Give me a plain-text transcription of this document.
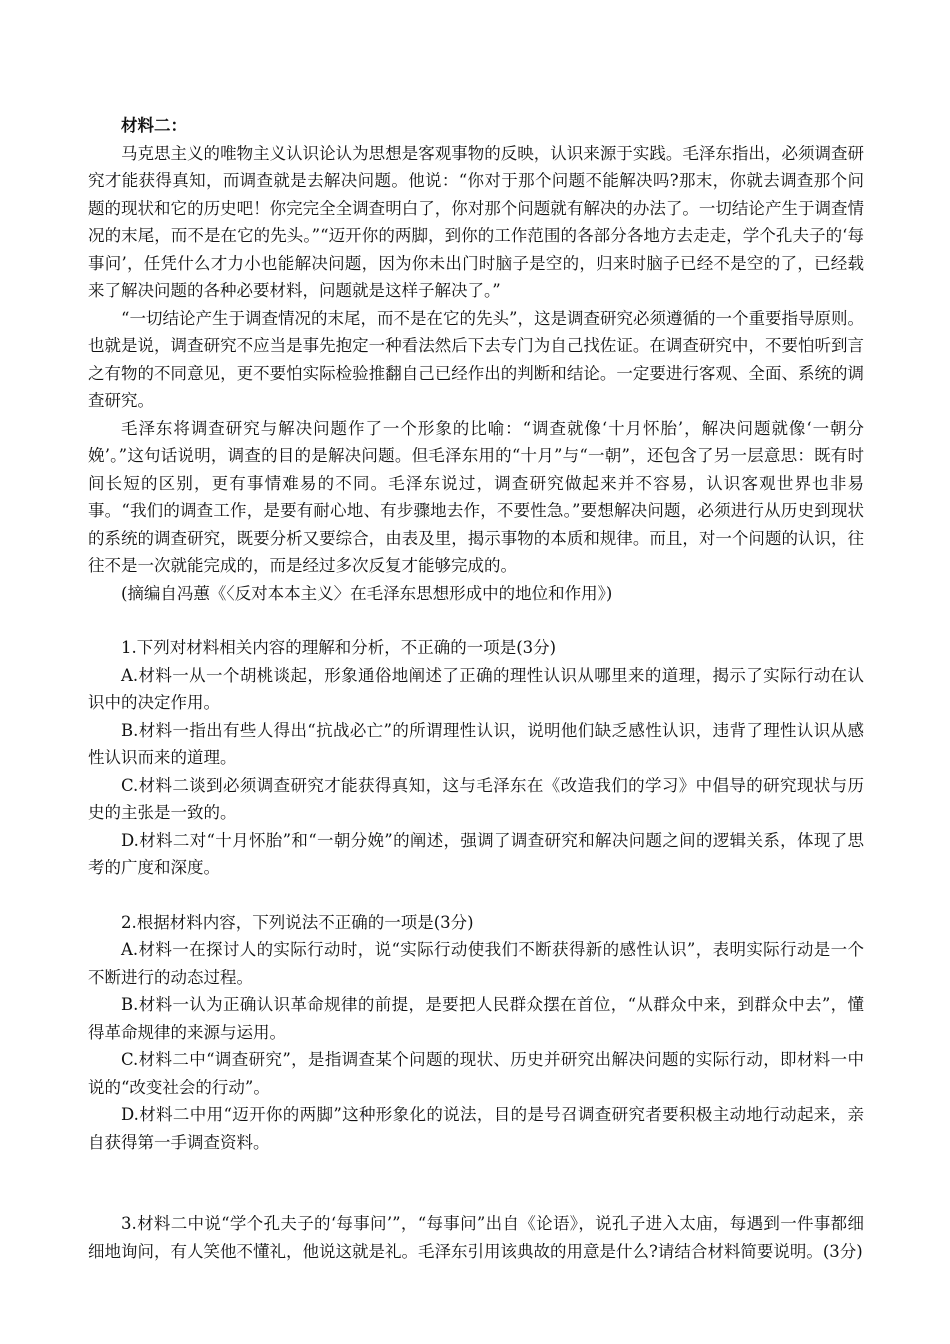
材料二：

马克思主义的唯物主义认识论认为思想是客观事物的反映，认识来源于实践。毛泽东指出，必须调查研究才能获得真知，而调查就是去解决问题。他说：“你对于那个问题不能解决吗?那末，你就去调查那个问题的现状和它的历史吧！你完完全全调查明白了，你对那个问题就有解决的办法了。一切结论产生于调查情况的末尾，而不是在它的先头。”“迈开你的两脚，到你的工作范围的各部分各地方去走走，学个孔夫子的‘每事问’，任凭什么才力小也能解决问题，因为你未出门时脑子是空的，归来时脑子已经不是空的了，已经载来了解决问题的各种必要材料，问题就是这样子解决了。”

“一切结论产生于调查情况的末尾，而不是在它的先头”，这是调查研究必须遵循的一个重要指导原则。也就是说，调查研究不应当是事先抱定一种看法然后下去专门为自己找佐证。在调查研究中，不要怕听到言之有物的不同意见，更不要怕实际检验推翻自己已经作出的判断和结论。一定要进行客观、全面、系统的调查研究。

毛泽东将调查研究与解决问题作了一个形象的比喻：“调查就像‘十月怀胎’，解决问题就像‘一朝分娩’。”这句话说明，调查的目的是解决问题。但毛泽东用的“十月”与“一朝”，还包含了另一层意思：既有时间长短的区别，更有事情难易的不同。毛泽东说过，调查研究做起来并不容易，认识客观世界也非易事。“我们的调查工作，是要有耐心地、有步骤地去作，不要性急。”要想解决问题，必须进行从历史到现状的系统的调查研究，既要分析又要综合，由表及里，揭示事物的本质和规律。而且，对一个问题的认识，往往不是一次就能完成的，而是经过多次反复才能够完成的。

(摘编自冯蕙《〈反对本本主义〉在毛泽东思想形成中的地位和作用》)

1.下列对材料相关内容的理解和分析，不正确的一项是(3分)

A.材料一从一个胡桃谈起，形象通俗地阐述了正确的理性认识从哪里来的道理，揭示了实际行动在认识中的决定作用。

B.材料一指出有些人得出“抗战必亡”的所谓理性认识，说明他们缺乏感性认识，违背了理性认识从感性认识而来的道理。

C.材料二谈到必须调查研究才能获得真知，这与毛泽东在《改造我们的学习》中倡导的研究现状与历史的主张是一致的。

D.材料二对“十月怀胎”和“一朝分娩”的阐述，强调了调查研究和解决问题之间的逻辑关系，体现了思考的广度和深度。

2.根据材料内容，下列说法不正确的一项是(3分)

A.材料一在探讨人的实际行动时，说“实际行动使我们不断获得新的感性认识”，表明实际行动是一个不断进行的动态过程。

B.材料一认为正确认识革命规律的前提，是要把人民群众摆在首位，“从群众中来，到群众中去”，懂得革命规律的来源与运用。

C.材料二中“调查研究”，是指调查某个问题的现状、历史并研究出解决问题的实际行动，即材料一中说的“改变社会的行动”。

D.材料二中用“迈开你的两脚”这种形象化的说法，目的是号召调查研究者要积极主动地行动起来，亲自获得第一手调查资料。

3.材料二中说“学个孔夫子的‘每事问’”，“每事问”出自《论语》，说孔子进入太庙，每遇到一件事都细细地询问，有人笑他不懂礼，他说这就是礼。毛泽东引用该典故的用意是什么?请结合材料简要说明。(3分)
